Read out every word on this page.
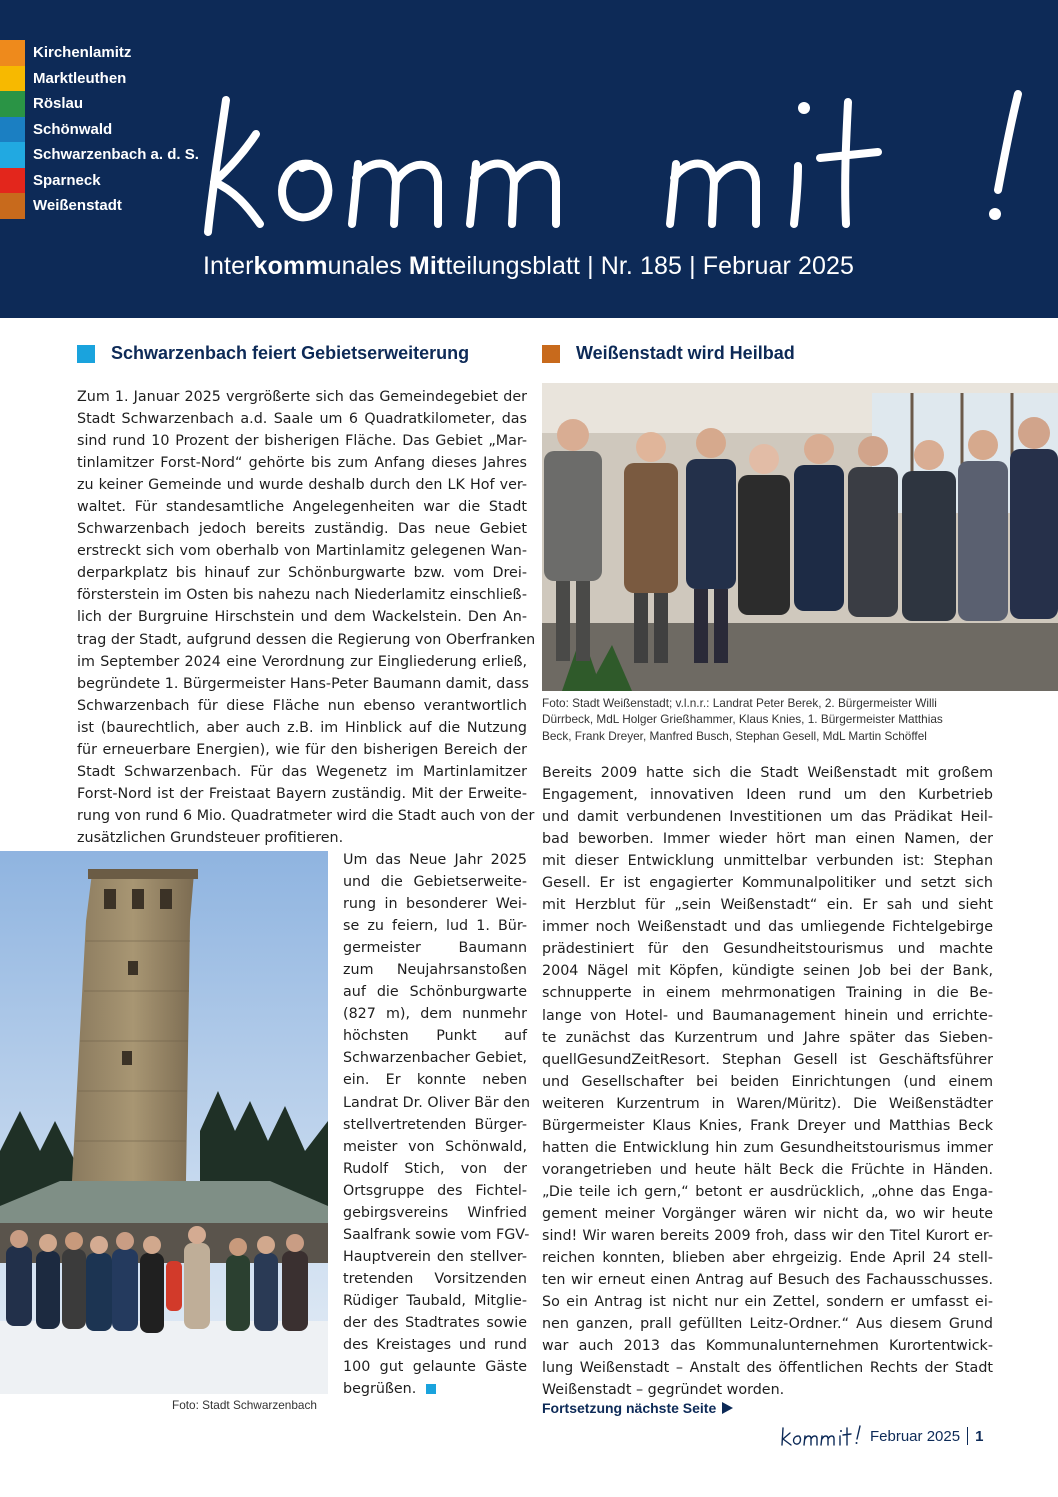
Kirchenlamitz
Marktleuthen
Röslau
Schönwald
Schwarzenbach a. d. S.
Sparneck
Weißenstadt
Interkommunales Mitteilungsblatt | Nr. 185 | Februar 2025
Schwarzenbach feiert Gebietserweiterung
Zum 1. Januar 2025 vergrößerte sich das Gemeindegebiet der
Stadt Schwarzenbach a.d. Saale um 6 Quadratkilometer, das
sind rund 10 Prozent der bisherigen Fläche. Das Gebiet „Mar-
tinlamitzer Forst-Nord“ gehörte bis zum Anfang dieses Jahres
zu keiner Gemeinde und wurde deshalb durch den LK Hof ver-
waltet. Für standesamtliche Angelegenheiten war die Stadt
Schwarzenbach jedoch bereits zuständig. Das neue Gebiet
erstreckt sich vom oberhalb von Martinlamitz gelegenen Wan-
derparkplatz bis hinauf zur Schönburgwarte bzw. vom Drei-
försterstein im Osten bis nahezu nach Niederlamitz einschließ-
lich der Burgruine Hirschstein und dem Wackelstein. Den An-
trag der Stadt, aufgrund dessen die Regierung von Oberfranken
im September 2024 eine Verordnung zur Eingliederung erließ,
begründete 1. Bürgermeister Hans-Peter Baumann damit, dass
Schwarzenbach für diese Fläche nun ebenso verantwortlich
ist (baurechtlich, aber auch z.B. im Hinblick auf die Nutzung
für erneuerbare Energien), wie für den bisherigen Bereich der
Stadt Schwarzenbach. Für das Wegenetz im Martinlamitzer
Forst-Nord ist der Freistaat Bayern zuständig. Mit der Erweite-
rung von rund 6 Mio. Quadratmeter wird die Stadt auch von der
zusätzlichen Grundsteuer profitieren.
Um das Neue Jahr 2025
und die Gebietserweite-
rung in besonderer Wei-
se zu feiern, lud 1. Bür-
germeister Baumann
zum Neujahrsanstoßen
auf die Schönburgwarte
(827 m), dem nunmehr
höchsten Punkt auf
Schwarzenbacher Gebiet,
ein. Er konnte neben
Landrat Dr. Oliver Bär den
stellvertretenden Bürger-
meister von Schönwald,
Rudolf Stich, von der
Ortsgruppe des Fichtel-
gebirgsvereins Winfried
Saalfrank sowie vom FGV-
Hauptverein den stellver-
tretenden Vorsitzenden
Rüdiger Taubald, Mitglie-
der des Stadtrates sowie
des Kreistages und rund
100 gut gelaunte Gäste
begrüßen.
Foto: Stadt Schwarzenbach
Weißenstadt wird Heilbad
Foto: Stadt Weißenstadt; v.l.n.r.: Landrat Peter Berek, 2. Bürgermeister Willi
Dürrbeck, MdL Holger Grießhammer, Klaus Knies, 1. Bürgermeister Matthias
Beck, Frank Dreyer, Manfred Busch, Stephan Gesell, MdL Martin Schöffel
Bereits 2009 hatte sich die Stadt Weißenstadt mit großem
Engagement, innovativen Ideen rund um den Kurbetrieb
und damit verbundenen Investitionen um das Prädikat Heil-
bad beworben. Immer wieder hört man einen Namen, der
mit dieser Entwicklung unmittelbar verbunden ist: Stephan
Gesell. Er ist engagierter Kommunalpolitiker und setzt sich
mit Herzblut für „sein Weißenstadt“ ein. Er sah und sieht
immer noch Weißenstadt und das umliegende Fichtelgebirge
prädestiniert für den Gesundheitstourismus und machte
2004 Nägel mit Köpfen, kündigte seinen Job bei der Bank,
schnupperte in einem mehrmonatigen Training in die Be-
lange von Hotel- und Baumanagement hinein und errichte-
te zunächst das Kurzentrum und Jahre später das Sieben-
quellGesundZeitResort. Stephan Gesell ist Geschäftsführer
und Gesellschafter bei beiden Einrichtungen (und einem
weiteren Kurzentrum in Waren/Müritz). Die Weißenstädter
Bürgermeister Klaus Knies, Frank Dreyer und Matthias Beck
hatten die Entwicklung hin zum Gesundheitstourismus immer
vorangetrieben und heute hält Beck die Früchte in Händen.
„Die teile ich gern,“ betont er ausdrücklich, „ohne das Enga-
gement meiner Vorgänger wären wir nicht da, wo wir heute
sind! Wir waren bereits 2009 froh, dass wir den Titel Kurort er-
reichen konnten, blieben aber ehrgeizig. Ende April 24 stell-
ten wir erneut einen Antrag auf Besuch des Fachausschusses.
So ein Antrag ist nicht nur ein Zettel, sondern er umfasst ei-
nen ganzen, prall gefüllten Leitz-Ordner.“ Aus diesem Grund
war auch 2013 das Kommunalunternehmen Kurortentwick-
lung Weißenstadt – Anstalt des öffentlichen Rechts der Stadt
Weißenstadt – gegründet worden.
Fortsetzung nächste Seite
Februar 2025 1
